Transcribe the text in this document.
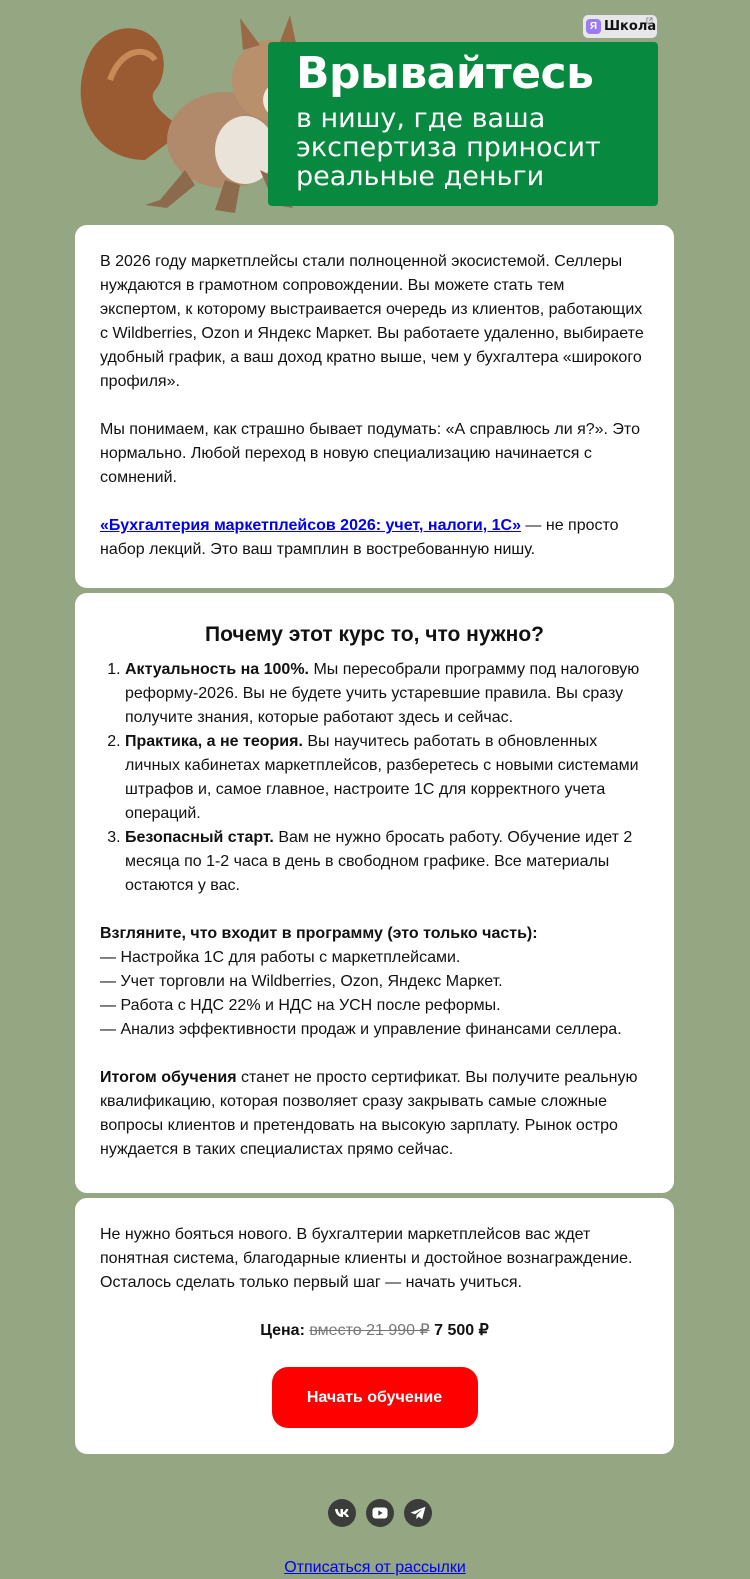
Врывайтесь
в нишу, где ваша
экспертиза приносит
реальные деньги
Я Школа

В 2026 году маркетплейсы стали полноценной экосистемой. Селлеры нуждаются в грамотном сопровождении. Вы можете стать тем экспертом, к которому выстраивается очередь из клиентов, работающих с Wildberries, Ozon и Яндекс Маркет. Вы работаете удаленно, выбираете удобный график, а ваш доход кратно выше, чем у бухгалтера «широкого профиля».

Мы понимаем, как страшно бывает подумать: «А справлюсь ли я?». Это нормально. Любой переход в новую специализацию начинается с сомнений.

«Бухгалтерия маркетплейсов 2026: учет, налоги, 1С» — не просто набор лекций. Это ваш трамплин в востребованную нишу.

Почему этот курс то, что нужно?
1. Актуальность на 100%. Мы пересобрали программу под налоговую реформу-2026. Вы не будете учить устаревшие правила. Вы сразу получите знания, которые работают здесь и сейчас.
2. Практика, а не теория. Вы научитесь работать в обновленных личных кабинетах маркетплейсов, разберетесь с новыми системами штрафов и, самое главное, настроите 1С для корректного учета операций.
3. Безопасный старт. Вам не нужно бросать работу. Обучение идет 2 месяца по 1-2 часа в день в свободном графике. Все материалы остаются у вас.

Взгляните, что входит в программу (это только часть):

— Настройка 1С для работы с маркетплейсами.

— Учет торговли на Wildberries, Ozon, Яндекс Маркет.

— Работа с НДС 22% и НДС на УСН после реформы.

— Анализ эффективности продаж и управление финансами селлера.

Итогом обучения станет не просто сертификат. Вы получите реальную квалификацию, которая позволяет сразу закрывать самые сложные вопросы клиентов и претендовать на высокую зарплату. Рынок остро нуждается в таких специалистах прямо сейчас.

Не нужно бояться нового. В бухгалтерии маркетплейсов вас ждет понятная система, благодарные клиенты и достойное вознаграждение. Осталось сделать только первый шаг — начать учиться.

Цена: вместо 21 990 ₽ 7 500 ₽
Начать обучение
Отписаться от рассылки
